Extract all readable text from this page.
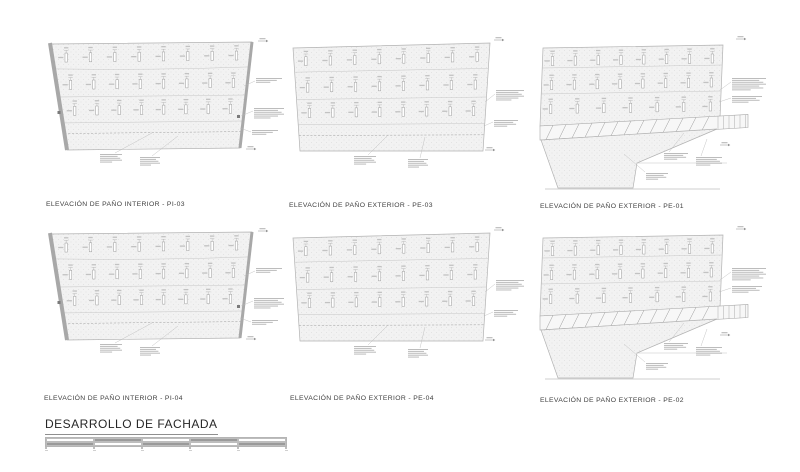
ELEVACIÓN DE PAÑO INTERIOR - PI-03	ELEVACIÓN DE PAÑO EXTERIOR - PE-03	ELEVACIÓN DE PAÑO EXTERIOR - PE-01
ELEVACIÓN DE PAÑO INTERIOR - PI-04	ELEVACIÓN DE PAÑO EXTERIOR - PE-04	ELEVACIÓN DE PAÑO EXTERIOR - PE-02
DESARROLLO DE FACHADA
